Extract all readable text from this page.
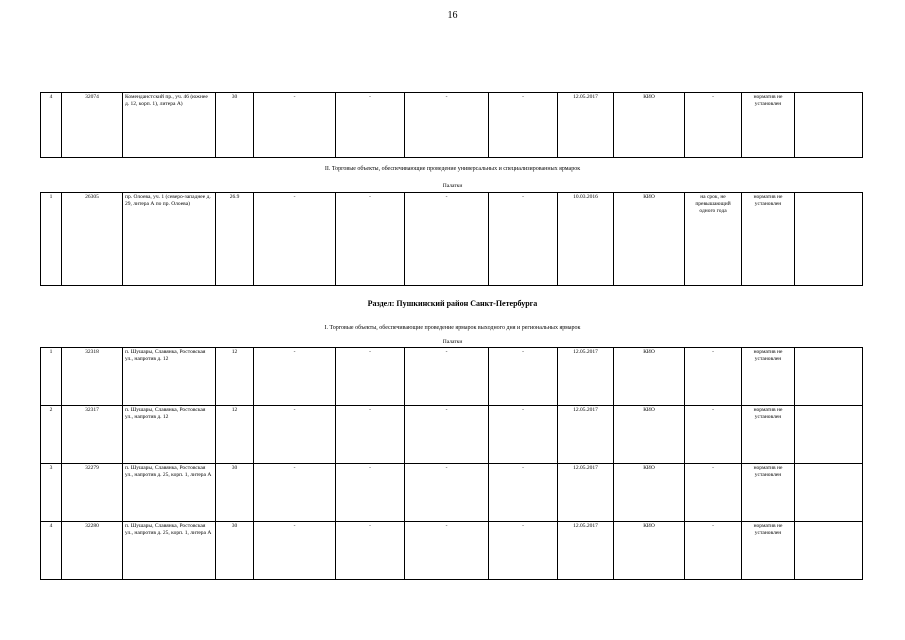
16
4	32074	Коменданстский пр., уч. 46 (южнее д. 12, корп. 1), литера А)	30	-	-	-	-	12.05.2017	КИО	-	норматив не установлен	
II. Торговые объекты, обеспечивающие проведение универсальных и специализированных ярмарок
Палатки
1	26305	пр. Олоева, уч. 1 (северо-западнее д. 29, литера А по пр. Олоева)	26.9	-	-	-	-	10.03.2016	КИО	на срок, не превышающий одного года	норматив не установлен	
Раздел: Пушкинский район Санкт-Петербурга
I. Торговые объекты, обеспечивающие проведение ярмарок выходного дня и региональных ярмарок
Палатки
1	32318	п. Шушары, Славянка, Ростовская ул., напротив д. 12	12	-	-	-	-	12.05.2017	КИО	-	норматив не установлен	
2	32317	п. Шушары, Славянка, Ростовская ул., напротив д. 12	12	-	-	-	-	12.05.2017	КИО	-	норматив не установлен	
3	32279	п. Шушары, Славянка, Ростовская ул., напротив д. 25, корп. 1, литера А	30	-	-	-	-	12.05.2017	КИО	-	норматив не установлен	
4	32280	п. Шушары, Славянка, Ростовская ул., напротив д. 25, корп. 1, литера А	30	-	-	-	-	12.05.2017	КИО	-	норматив не установлен	
